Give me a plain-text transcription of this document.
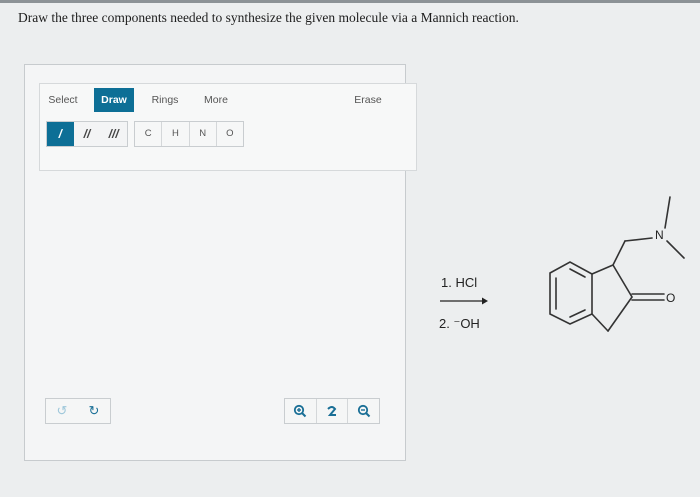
Draw the three components needed to synthesize the given molecule via a Mannich reaction.
Select	Draw	Rings	More	Erase
/	//	///	C	H	N	O
↺	↻
1. HCl
2. ⁻OH
N
O
